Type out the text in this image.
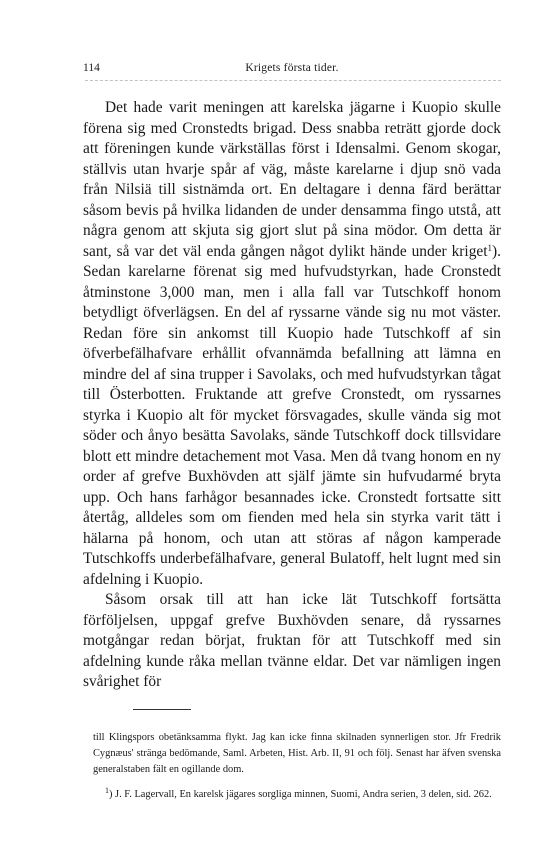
114	Krigets första tider.

Det hade varit meningen att karelska jägarne i Kuopio skulle förena sig med Cronstedts brigad. Dess snabba reträtt gjorde dock att föreningen kunde värkställas först i Idensalmi. Genom skogar, ställvis utan hvarje spår af väg, måste karelarne i djup snö vada från Nilsiä till sistnämda ort. En deltagare i denna färd berättar såsom bevis på hvilka lidanden de under densamma fingo utstå, att några genom att skjuta sig gjort slut på sina mödor. Om detta är sant, så var det väl enda gången något dylikt hände under kriget$^1$). Sedan karelarne förenat sig med hufvudstyrkan, hade Cronstedt åtminstone 3,000 man, men i alla fall var Tutschkoff honom betydligt öfverlägsen. En del af ryssarne vände sig nu mot väster. Redan före sin ankomst till Kuopio hade Tutschkoff af sin öfverbefälhafvare erhållit ofvannämda befallning att lämna en mindre del af sina trupper i Savolaks, och med hufvudstyrkan tågat till Österbotten. Fruktande att grefve Cronstedt, om ryssarnes styrka i Kuopio alt för mycket försvagades, skulle vända sig mot söder och ånyo besätta Savolaks, sände Tutschkoff dock tillsvidare blott ett mindre detachement mot Vasa. Men då tvang honom en ny order af grefve Buxhövden att själf jämte sin hufvudarmé bryta upp. Och hans farhågor besannades icke. Cronstedt fortsatte sitt återtåg, alldeles som om fienden med hela sin styrka varit tätt i hälarna på honom, och utan att störas af någon kamperade Tutschkoffs underbefälhafvare, general Bulatoff, helt lugnt med sin afdelning i Kuopio.

Såsom orsak till att han icke lät Tutschkoff fortsätta förföljelsen, uppgaf grefve Buxhövden senare, då ryssarnes motgångar redan börjat, fruktan för att Tutschkoff med sin afdelning kunde råka mellan tvänne eldar. Det var nämligen ingen svårighet för

till Klingspors obetänksamma flykt. Jag kan icke finna skilnaden synnerligen stor. Jfr Fredrik Cygnæus' stränga bedömande, Saml. Arbeten, Hist. Arb. II, 91 och följ. Senast har äfven svenska generalstaben fält en ogillande dom.

$^1$) J. F. Lagervall, En karelsk jägares sorgliga minnen, Suomi, Andra serien, 3 delen, sid. 262.
